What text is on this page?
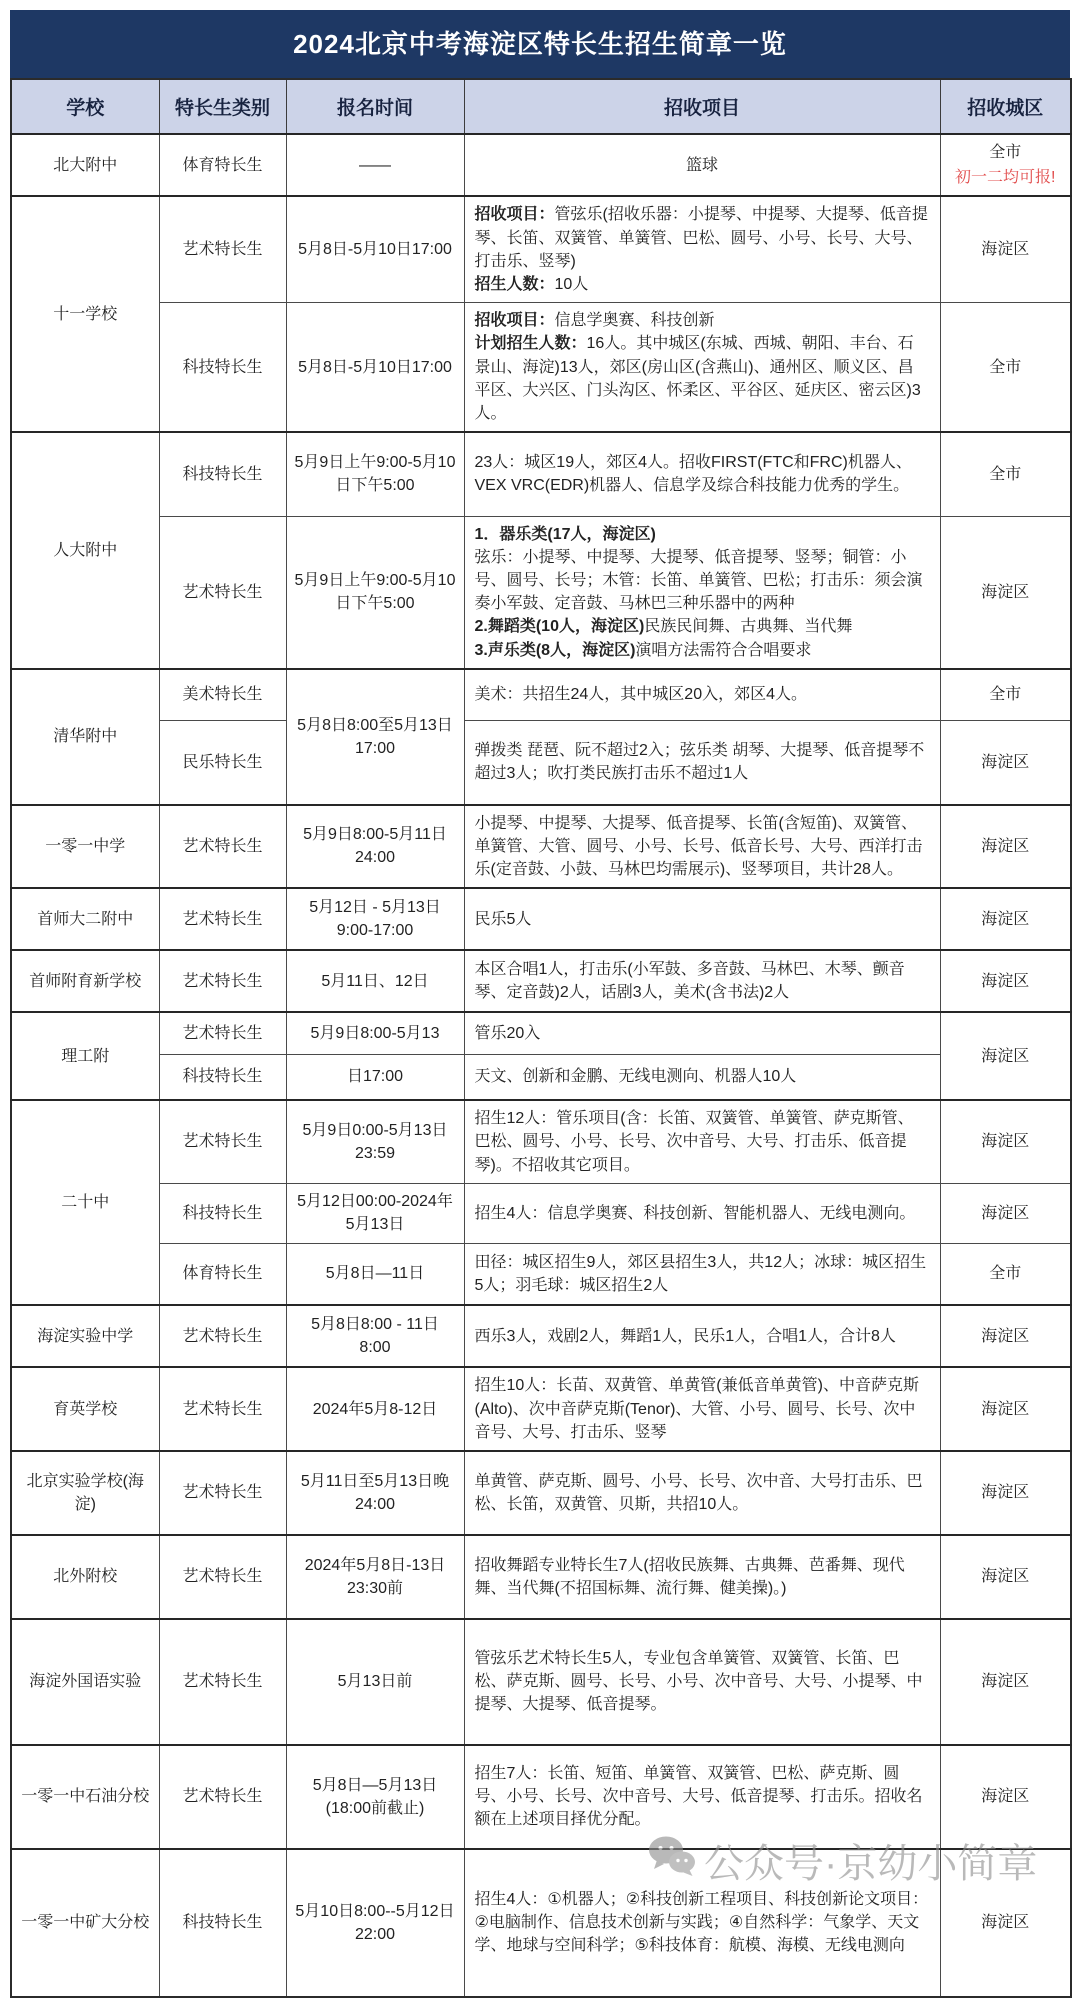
2024北京中考海淀区特长生招生简章一览
学校	特长生类别	报名时间	招收项目	招收城区
北大附中	体育特长生	——	篮球	全市
初一二均可报!

十一学校	艺术特长生	5月8日-5月10日17:00	招收项目：管弦乐(招收乐器：小提琴、中提琴、大提琴、低音提琴、长笛、双簧管、单簧管、巴松、圆号、小号、长号、大号、打击乐、竖琴)
招生人数：10人	海淀区
	科技特长生	5月8日-5月10日17:00	招收项目：信息学奥赛、科技创新
计划招生人数：16人。其中城区(东城、西城、朝阳、丰台、石景山、海淀)13人，郊区(房山区(含燕山)、通州区、顺义区、昌平区、大兴区、门头沟区、怀柔区、平谷区、延庆区、密云区)3人。	全市
人大附中	科技特长生	5月9日上午9:00-5月10日下午5:00	23人：城区19人，郊区4人。招收FIRST(FTC和FRC)机器人、VEX VRC(EDR)机器人、信息学及综合科技能力优秀的学生。	全市
	艺术特长生	5月9日上午9:00-5月10日下午5:00	1．器乐类(17人，海淀区)
弦乐：小提琴、中提琴、大提琴、低音提琴、竖琴；铜管：小号、圆号、长号；木管：长笛、单簧管、巴松；打击乐：须会演奏小军鼓、定音鼓、马林巴三种乐器中的两种
2.舞蹈类(10人，海淀区)民族民间舞、古典舞、当代舞
3.声乐类(8人，海淀区)演唱方法需符合合唱要求	海淀区
清华附中	美术特长生	5月8日8:00至5月13日17:00	美术：共招生24人，其中城区20入，郊区4人。	全市
	民乐特长生		弹拨类 琵琶、阮不超过2入；弦乐类 胡琴、大提琴、低音提琴不超过3人；吹打类民族打击乐不超过1人	海淀区
一零一中学	艺术特长生	5月9日8:00-5月11日24:00	小提琴、中提琴、大提琴、低音提琴、长笛(含短笛)、双簧管、单簧管、大管、圆号、小号、长号、低音长号、大号、西洋打击乐(定音鼓、小鼓、马林巴均需展示)、竖琴项目，共计28人。	海淀区
首师大二附中	艺术特长生	5月12日 - 5月13日 9:00-17:00	民乐5人	海淀区
首师附育新学校	艺术特长生	5月11日、12日	本区合唱1人，打击乐(小军鼓、多音鼓、马林巴、木琴、颤音琴、定音鼓)2人，话剧3人，美术(含书法)2人	海淀区
理工附	艺术特长生	5月9日8:00-5月13	管乐20入	海淀区
	科技特长生	日17:00	天文、创新和金鹏、无线电测向、机器人10人	
二十中	艺术特长生	5月9日0:00-5月13日 23:59	招生12人：管乐项目(含：长笛、双簧管、单簧管、萨克斯管、巴松、圆号、小号、长号、次中音号、大号、打击乐、低音提琴)。不招收其它项目。	海淀区
	科技特长生	5月12日00:00-2024年5月13日	招生4人：信息学奥赛、科技创新、智能机器人、无线电测向。	海淀区
	体育特长生	5月8日—11日	田径：城区招生9人，郊区县招生3人，共12人；冰球：城区招生5人；羽毛球：城区招生2人	全市
海淀实验中学	艺术特长生	5月8日8:00 - 11日 8:00	西乐3人，戏剧2人，舞蹈1人，民乐1人，合唱1人，合计8人	海淀区
育英学校	艺术特长生	2024年5月8-12日	招生10人：长苗、双黄管、单黄管(兼低音单黄管)、中音萨克斯(Alto)、次中音萨克斯(Tenor)、大管、小号、圆号、长号、次中音号、大号、打击乐、竖琴	海淀区
北京实验学校(海淀)	艺术特长生	5月11日至5月13日晚 24:00	单黄管、萨克斯、圆号、小号、长号、次中音、大号打击乐、巴松、长笛，双黄管、贝斯，共招10人。	海淀区
北外附校	艺术特长生	2024年5月8日-13日 23:30前	招收舞蹈专业特长生7人(招收民族舞、古典舞、芭番舞、现代舞、当代舞(不招国标舞、流行舞、健美操)。)	海淀区
海淀外国语实验	艺术特长生	5月13日前	管弦乐艺术特长生5人，专业包含单簧管、双簧管、长笛、巴松、萨克斯、圆号、长号、小号、次中音号、大号、小提琴、中提琴、大提琴、低音提琴。	海淀区
一零一中石油分校	艺术特长生	5月8日—5月13日 (18:00前截止)	招生7人：长笛、短笛、单簧管、双簧管、巴松、萨克斯、圆号、小号、长号、次中音号、大号、低音提琴、打击乐。招收名额在上述项目择优分配。	海淀区
一零一中矿大分校	科技特长生	5月10日8:00--5月12日 22:00	招生4人：①机器人；②科技创新工程项目、科技创新论文项目：②电脑制作、信息技术创新与实践；④自然科学：气象学、天文学、地球与空间科学；⑤科技体育：航模、海模、无线电测向	海淀区
公众号·京幼小简章
